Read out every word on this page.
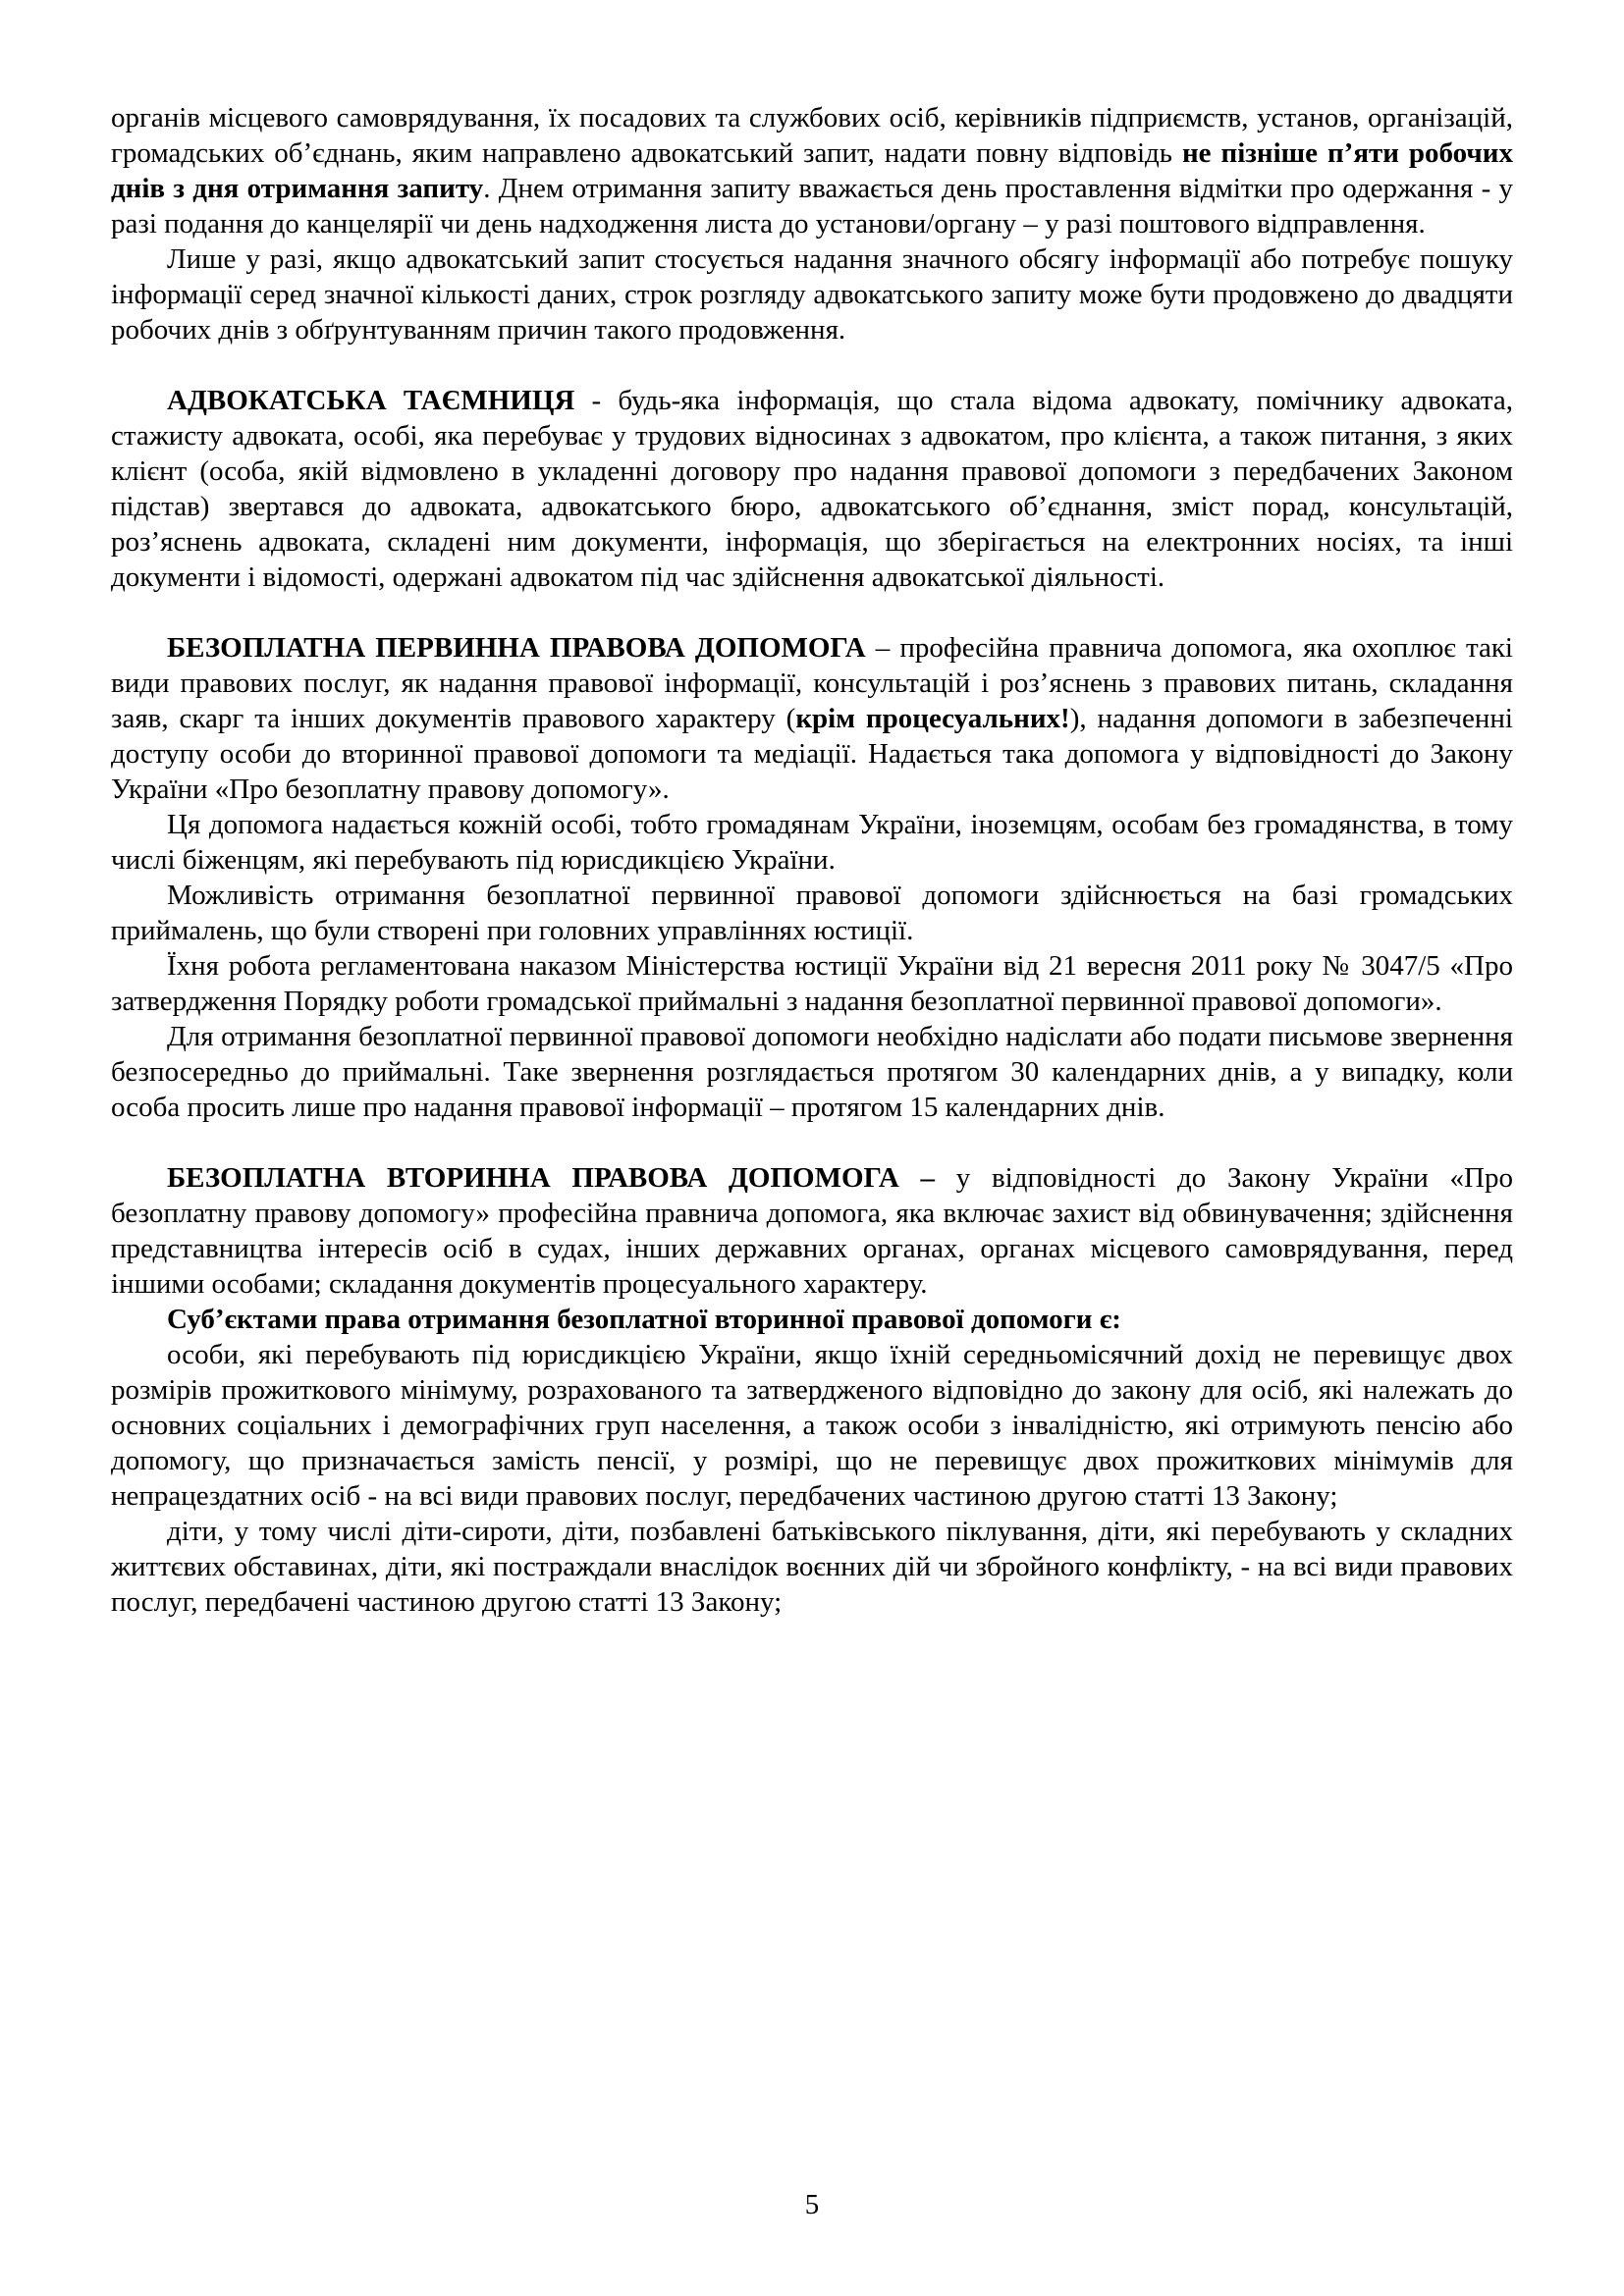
органів місцевого самоврядування, їх посадових та службових осіб, керівників підприємств, установ, організацій, громадських об’єднань, яким направлено адвокатський запит, надати повну відповідь не пізніше п’яти робочих днів з дня отримання запиту. Днем отримання запиту вважається день проставлення відмітки про одержання - у разі подання до канцелярії чи день надходження листа до установи/органу – у разі поштового відправлення.

Лише у разі, якщо адвокатський запит стосується надання значного обсягу інформації або потребує пошуку інформації серед значної кількості даних, строк розгляду адвокатського запиту може бути продовжено до двадцяти робочих днів з обґрунтуванням причин такого продовження.

АДВОКАТСЬКА ТАЄМНИЦЯ - будь-яка інформація, що стала відома адвокату, помічнику адвоката, стажисту адвоката, особі, яка перебуває у трудових відносинах з адвокатом, про клієнта, а також питання, з яких клієнт (особа, якій відмовлено в укладенні договору про надання правової допомоги з передбачених Законом підстав) звертався до адвоката, адвокатського бюро, адвокатського об’єднання, зміст порад, консультацій, роз’яснень адвоката, складені ним документи, інформація, що зберігається на електронних носіях, та інші документи і відомості, одержані адвокатом під час здійснення адвокатської діяльності.

БЕЗОПЛАТНА ПЕРВИННА ПРАВОВА ДОПОМОГА – професійна правнича допомога, яка охоплює такі види правових послуг, як надання правової інформації, консультацій і роз’яснень з правових питань, складання заяв, скарг та інших документів правового характеру (крім процесуальних!), надання допомоги в забезпеченні доступу особи до вторинної правової допомоги та медіації. Надається така допомога у відповідності до Закону України «Про безоплатну правову допомогу».

Ця допомога надається кожній особі, тобто громадянам України, іноземцям, особам без громадянства, в тому числі біженцям, які перебувають під юрисдикцією України.

Можливість отримання безоплатної первинної правової допомоги здійснюється на базі громадських приймалень, що були створені при головних управліннях юстиції.

Їхня робота регламентована наказом Міністерства юстиції України від 21 вересня 2011 року № 3047/5 «Про затвердження Порядку роботи громадської приймальні з надання безоплатної первинної правової допомоги».

Для отримання безоплатної первинної правової допомоги необхідно надіслати або подати письмове звернення безпосередньо до приймальні. Таке звернення розглядається протягом 30 календарних днів, а у випадку, коли особа просить лише про надання правової інформації – протягом 15 календарних днів.

БЕЗОПЛАТНА ВТОРИННА ПРАВОВА ДОПОМОГА – у відповідності до Закону України «Про безоплатну правову допомогу» професійна правнича допомога, яка включає захист від обвинувачення; здійснення представництва інтересів осіб в судах, інших державних органах, органах місцевого самоврядування, перед іншими особами; складання документів процесуального характеру.

Суб’єктами права отримання безоплатної вторинної правової допомоги є:

особи, які перебувають під юрисдикцією України, якщо їхній середньомісячний дохід не перевищує двох розмірів прожиткового мінімуму, розрахованого та затвердженого відповідно до закону для осіб, які належать до основних соціальних і демографічних груп населення, а також особи з інвалідністю, які отримують пенсію або допомогу, що призначається замість пенсії, у розмірі, що не перевищує двох прожиткових мінімумів для непрацездатних осіб - на всі види правових послуг, передбачених частиною другою статті 13 Закону;

діти, у тому числі діти-сироти, діти, позбавлені батьківського піклування, діти, які перебувають у складних життєвих обставинах, діти, які постраждали внаслідок воєнних дій чи збройного конфлікту, - на всі види правових послуг, передбачені частиною другою статті 13 Закону;

5
